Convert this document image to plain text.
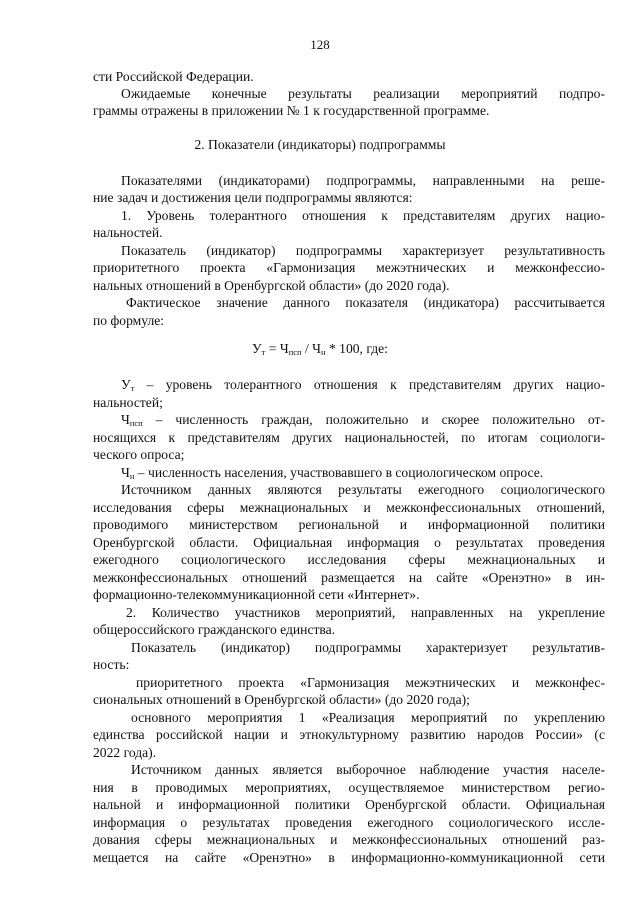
128
сти Российской Федерации.
Ожидаемые конечные результаты реализации мероприятий подпро-
граммы отражены в приложении № 1 к государственной программе.
2. Показатели (индикаторы) подпрограммы
Показателями (индикаторами) подпрограммы, направленными на реше-
ние задач и достижения цели подпрограммы являются:
1. Уровень толерантного отношения к представителям других нацио-
нальностей.
Показатель (индикатор) подпрограммы характеризует результативность
приоритетного проекта «Гармонизация межэтнических и межконфессио-
нальных отношений в Оренбургской области» (до 2020 года).
Фактическое значение данного показателя (индикатора) рассчитывается
по формуле:
$У_т = Ч_{псп} / Ч_н * 100$, где:
$У_т$ – уровень толерантного отношения к представителям других нацио-
нальностей;
$Ч_{псп}$ – численность граждан, положительно и скорее положительно от-
носящихся к представителям других национальностей, по итогам социологи-
ческого опроса;
$Ч_н$ – численность населения, участвовавшего в социологическом опросе.
Источником данных являются результаты ежегодного социологического
исследования сферы межнациональных и межконфессиональных отношений,
проводимого министерством региональной и информационной политики
Оренбургской области. Официальная информация о результатах проведения
ежегодного социологического исследования сферы межнациональных и
межконфессиональных отношений размещается на сайте «Оренэтно» в ин-
формационно-телекоммуникационной сети «Интернет».
2. Количество участников мероприятий, направленных на укрепление
общероссийского гражданского единства.
Показатель (индикатор) подпрограммы характеризует результатив-
ность:
приоритетного проекта «Гармонизация межэтнических и межконфес-
сиональных отношений в Оренбургской области» (до 2020 года);
основного мероприятия 1 «Реализация мероприятий по укреплению
единства российской нации и этнокультурному развитию народов России» (с
2022 года).
Источником данных является выборочное наблюдение участия населе-
ния в проводимых мероприятиях, осуществляемое министерством регио-
нальной и информационной политики Оренбургской области. Официальная
информация о результатах проведения ежегодного социологического иссле-
дования сферы межнациональных и межконфессиональных отношений раз-
мещается на сайте «Оренэтно» в информационно-коммуникационной сети
